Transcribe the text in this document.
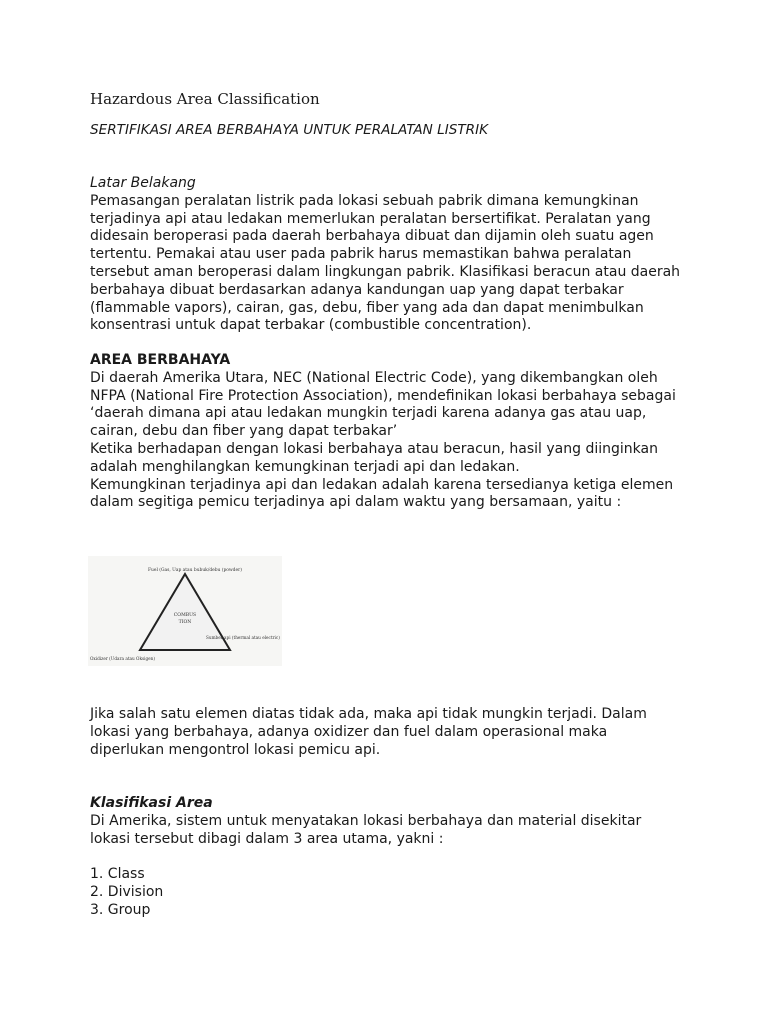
Hazardous Area Classification
SERTIFIKASI AREA BERBAHAYA UNTUK PERALATAN LISTRIK

Latar Belakang

Pemasangan peralatan listrik pada lokasi sebuah pabrik dimana kemungkinan

terjadinya api atau ledakan memerlukan peralatan bersertifikat. Peralatan yang

didesain beroperasi pada daerah berbahaya dibuat dan dijamin oleh suatu agen

tertentu. Pemakai atau user pada pabrik harus memastikan bahwa peralatan

tersebut aman beroperasi dalam lingkungan pabrik. Klasifikasi beracun atau daerah

berbahaya dibuat berdasarkan adanya kandungan uap yang dapat terbakar

(flammable vapors), cairan, gas, debu, fiber yang ada dan dapat menimbulkan

konsentrasi untuk dapat terbakar (combustible concentration).

AREA BERBAHAYA

Di daerah Amerika Utara, NEC (National Electric Code), yang dikembangkan oleh

NFPA (National Fire Protection Association), mendefinikan lokasi berbahaya sebagai

‘daerah dimana api atau ledakan mungkin terjadi karena adanya gas atau uap,

cairan, debu dan fiber yang dapat terbakar’

Ketika berhadapan dengan lokasi berbahaya atau beracun, hasil yang diinginkan

adalah menghilangkan kemungkinan terjadi api dan ledakan.

Kemungkinan terjadinya api dan ledakan adalah karena tersedianya ketiga elemen

dalam segitiga pemicu terjadinya api dalam waktu yang bersamaan, yaitu :

Fuel (Gas, Uap atau bubuk/debu (powder)
COMBUS
TION
Sumber api (thermal atau electric)
Oxidizer (Udara atau Oksigen)

Jika salah satu elemen diatas tidak ada, maka api tidak mungkin terjadi. Dalam

lokasi yang berbahaya, adanya oxidizer dan fuel dalam operasional maka

diperlukan mengontrol lokasi pemicu api.

Klasifikasi Area

Di Amerika, sistem untuk menyatakan lokasi berbahaya dan material disekitar

lokasi tersebut dibagi dalam 3 area utama, yakni :

1. Class
2. Division
3. Group
